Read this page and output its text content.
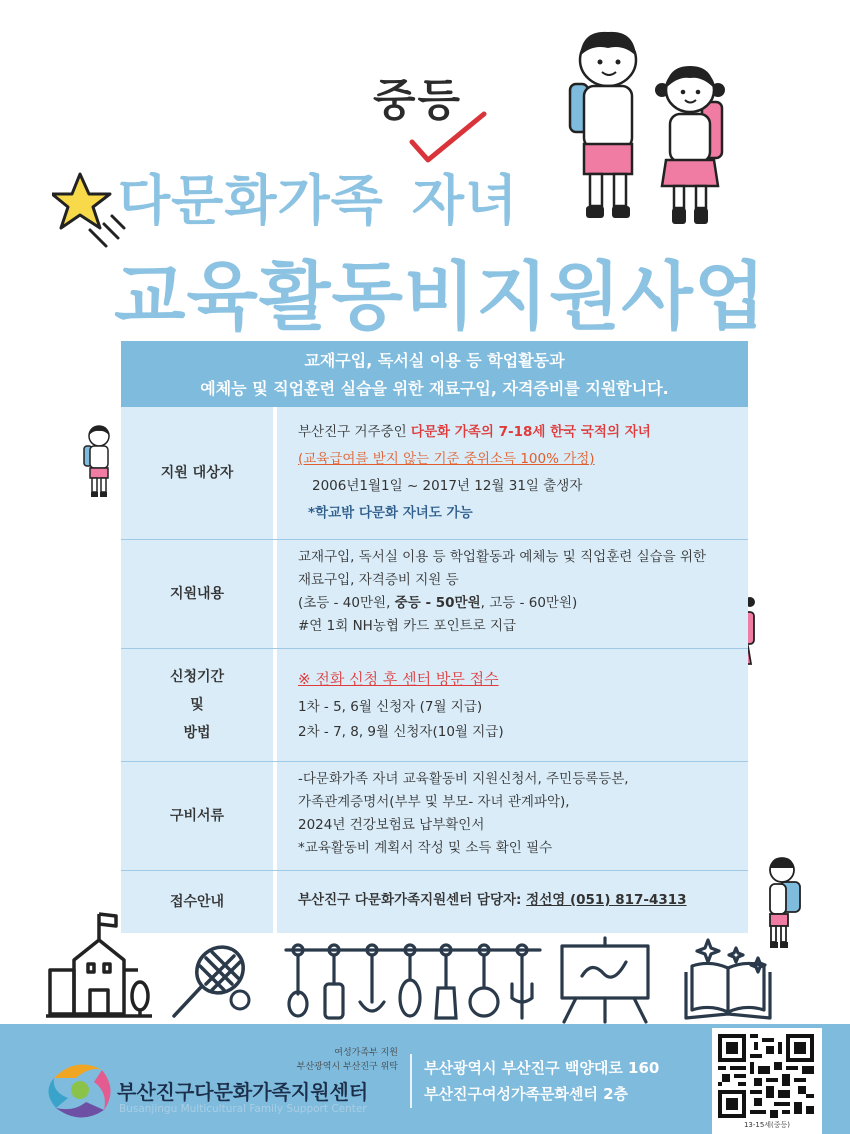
중등
다문화가족 자녀
교육활동비지원사업
교재구입, 독서실 이용 등 학업활동과
예체능 및 직업훈련 실습을 위한 재료구입, 자격증비를 지원합니다.
지원 대상자
부산진구 거주중인 다문화 가족의 7-18세 한국 국적의 자녀
(교육급여를 받지 않는 기준 중위소득 100% 가정)
2006년1월1일 ~ 2017년 12월 31일 출생자
*학교밖 다문화 자녀도 가능
지원내용
교재구입, 독서실 이용 등 학업활동과 예체능 및 직업훈련 실습을 위한
재료구입, 자격증비 지원 등
(초등 - 40만원, 중등 - 50만원, 고등 - 60만원)
#연 1회 NH농협 카드 포인트로 지급
신청기간
및
방법
※ 전화 신청 후 센터 방문 접수
1차 - 5, 6월 신청자 (7월 지급)
2차 - 7, 8, 9월 신청자(10월 지급)
구비서류
-다문화가족 자녀 교육활동비 지원신청서, 주민등록등본,
가족관계증명서(부부 및 부모- 자녀 관계파악),
2024년 건강보험료 납부확인서
*교육활동비 계획서 작성 및 소득 확인 필수
접수안내	부산진구 다문화가족지원센터 담당자: 정선영 (051) 817-4313
여성가족부 지원
부산광역시 부산진구 위탁
부산진구다문화가족지원센터
Busanjingu Multicultural Family Support Center
부산광역시 부산진구 백양대로 160
부산진구여성가족문화센터 2층
13-15세(중등)
